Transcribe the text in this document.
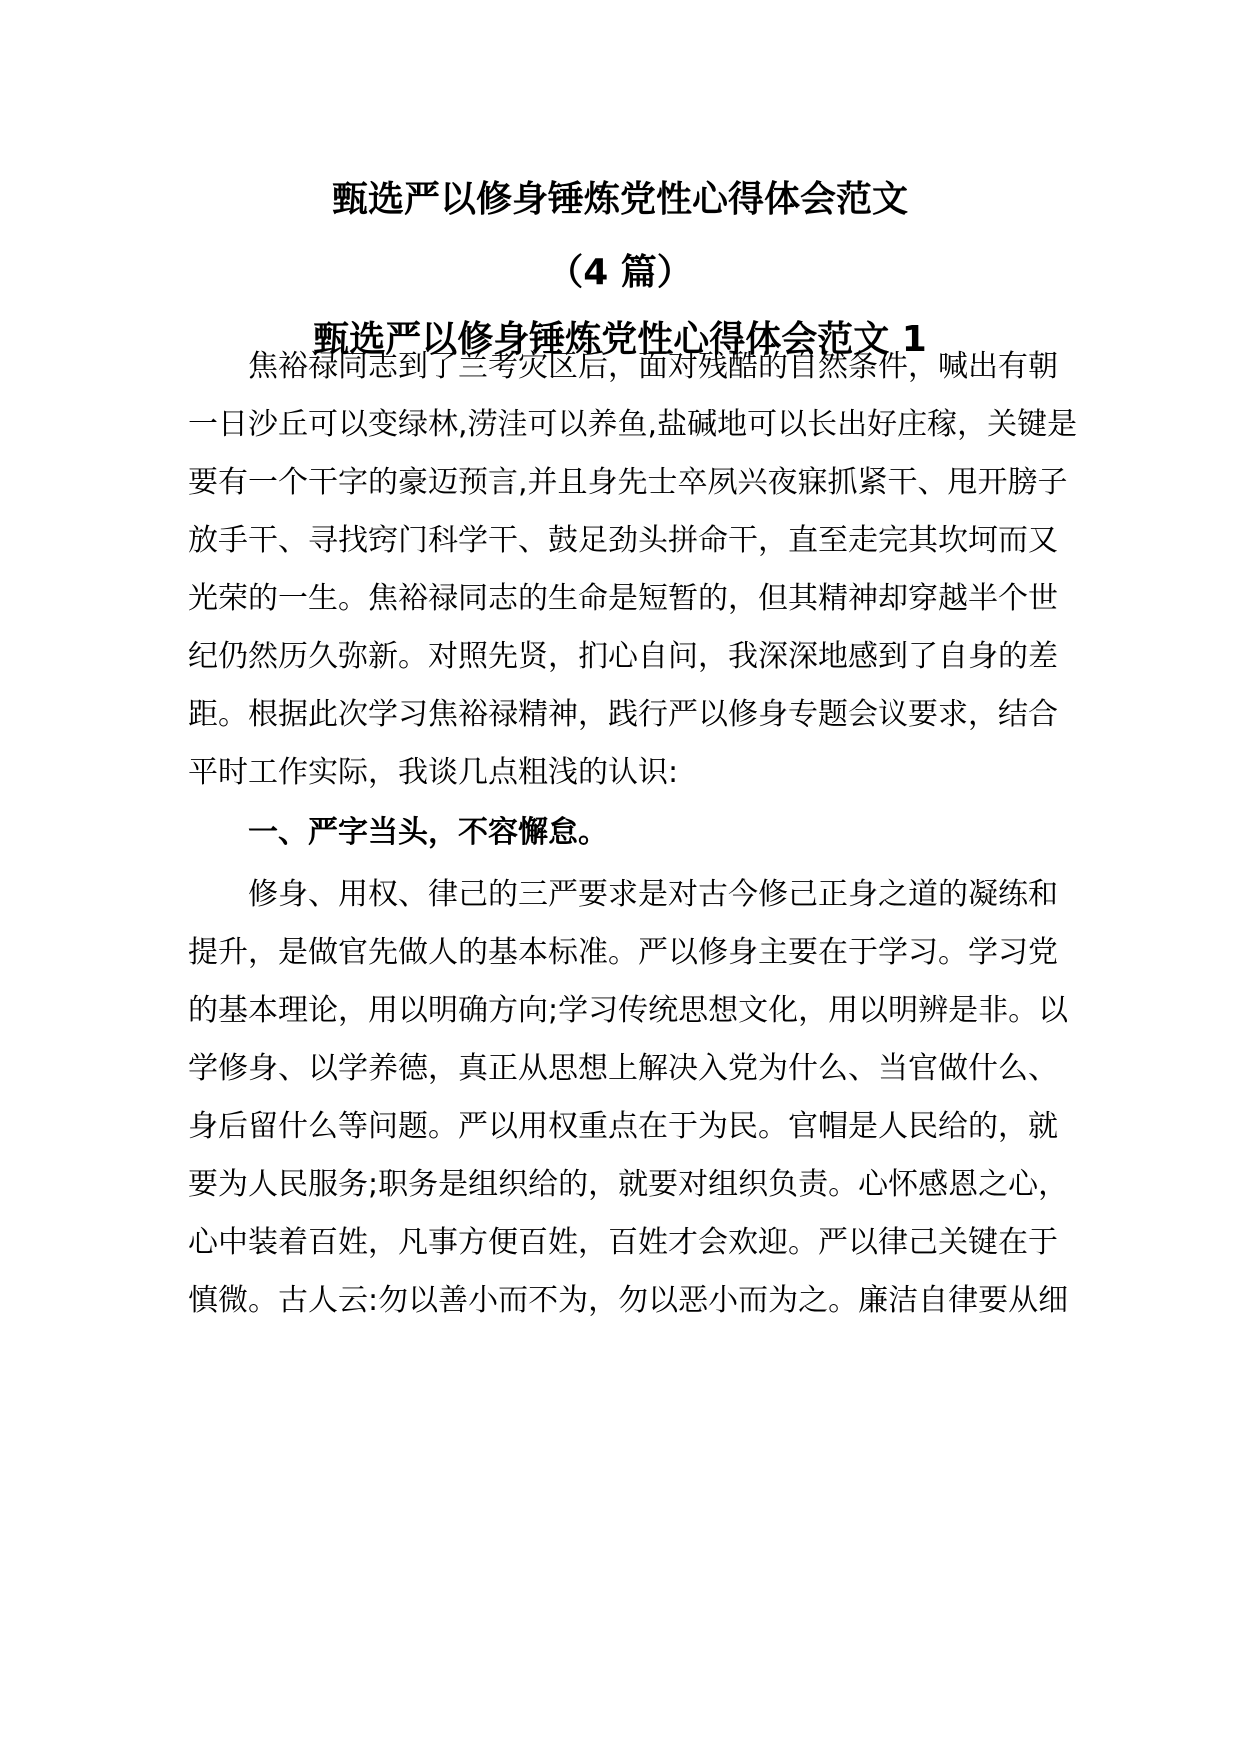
甄选严以修身锤炼党性心得体会范文
（4 篇）
甄选严以修身锤炼党性心得体会范文 1

焦裕禄同志到了兰考灾区后，面对残酷的自然条件，喊出有朝

一日沙丘可以变绿林,涝洼可以养鱼,盐碱地可以长出好庄稼，关键是

要有一个干字的豪迈预言,并且身先士卒夙兴夜寐抓紧干、甩开膀子

放手干、寻找窍门科学干、鼓足劲头拼命干，直至走完其坎坷而又

光荣的一生。焦裕禄同志的生命是短暂的，但其精神却穿越半个世

纪仍然历久弥新。对照先贤，扪心自问，我深深地感到了自身的差

距。根据此次学习焦裕禄精神，践行严以修身专题会议要求，结合

平时工作实际，我谈几点粗浅的认识:

一、严字当头，不容懈怠。

修身、用权、律己的三严要求是对古今修己正身之道的凝练和

提升，是做官先做人的基本标准。严以修身主要在于学习。学习党

的基本理论，用以明确方向;学习传统思想文化，用以明辨是非。以

学修身、以学养德，真正从思想上解决入党为什么、当官做什么、

身后留什么等问题。严以用权重点在于为民。官帽是人民给的，就

要为人民服务;职务是组织给的，就要对组织负责。心怀感恩之心，

心中装着百姓，凡事方便百姓，百姓才会欢迎。严以律己关键在于

慎微。古人云:勿以善小而不为，勿以恶小而为之。廉洁自律要从细
